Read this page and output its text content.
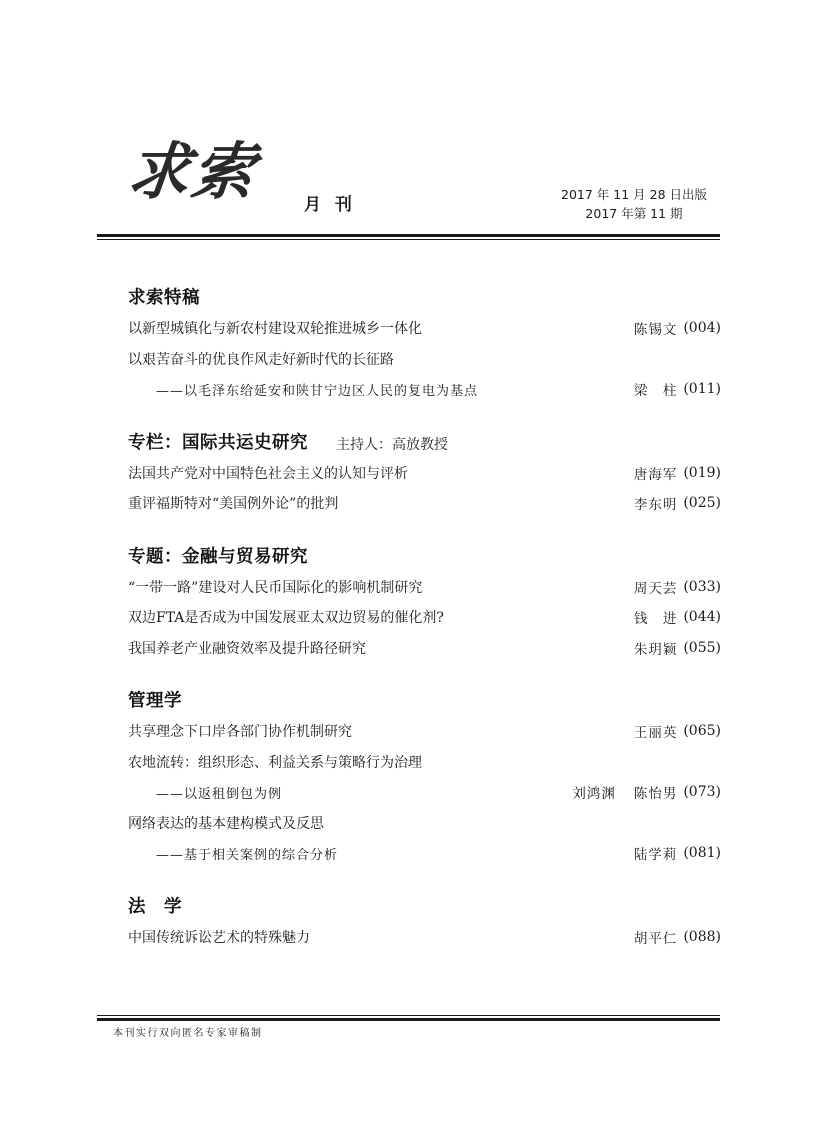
求索	月 刊
2017 年 11 月 28 日出版
2017 年第 11 期
求索特稿
以新型城镇化与新农村建设双轮推进城乡一体化	陈锡文 (004)
以艰苦奋斗的优良作风走好新时代的长征路
——以毛泽东给延安和陕甘宁边区人民的复电为基点	梁　柱 (011)
专栏：国际共运史研究 主持人：高放教授
法国共产党对中国特色社会主义的认知与评析	唐海军 (019)
重评福斯特对“美国例外论”的批判	李东明 (025)
专题：金融与贸易研究
“一带一路”建设对人民币国际化的影响机制研究	周天芸 (033)
双边FTA是否成为中国发展亚太双边贸易的催化剂?	钱　进 (044)
我国养老产业融资效率及提升路径研究	朱玥颖 (055)
管理学
共享理念下口岸各部门协作机制研究	王丽英 (065)
农地流转：组织形态、利益关系与策略行为治理
——以返租倒包为例	刘鸿渊 陈怡男 (073)
网络表达的基本建构模式及反思
——基于相关案例的综合分析	陆学莉 (081)
法　学
中国传统诉讼艺术的特殊魅力	胡平仁 (088)
本刊实行双向匿名专家审稿制
